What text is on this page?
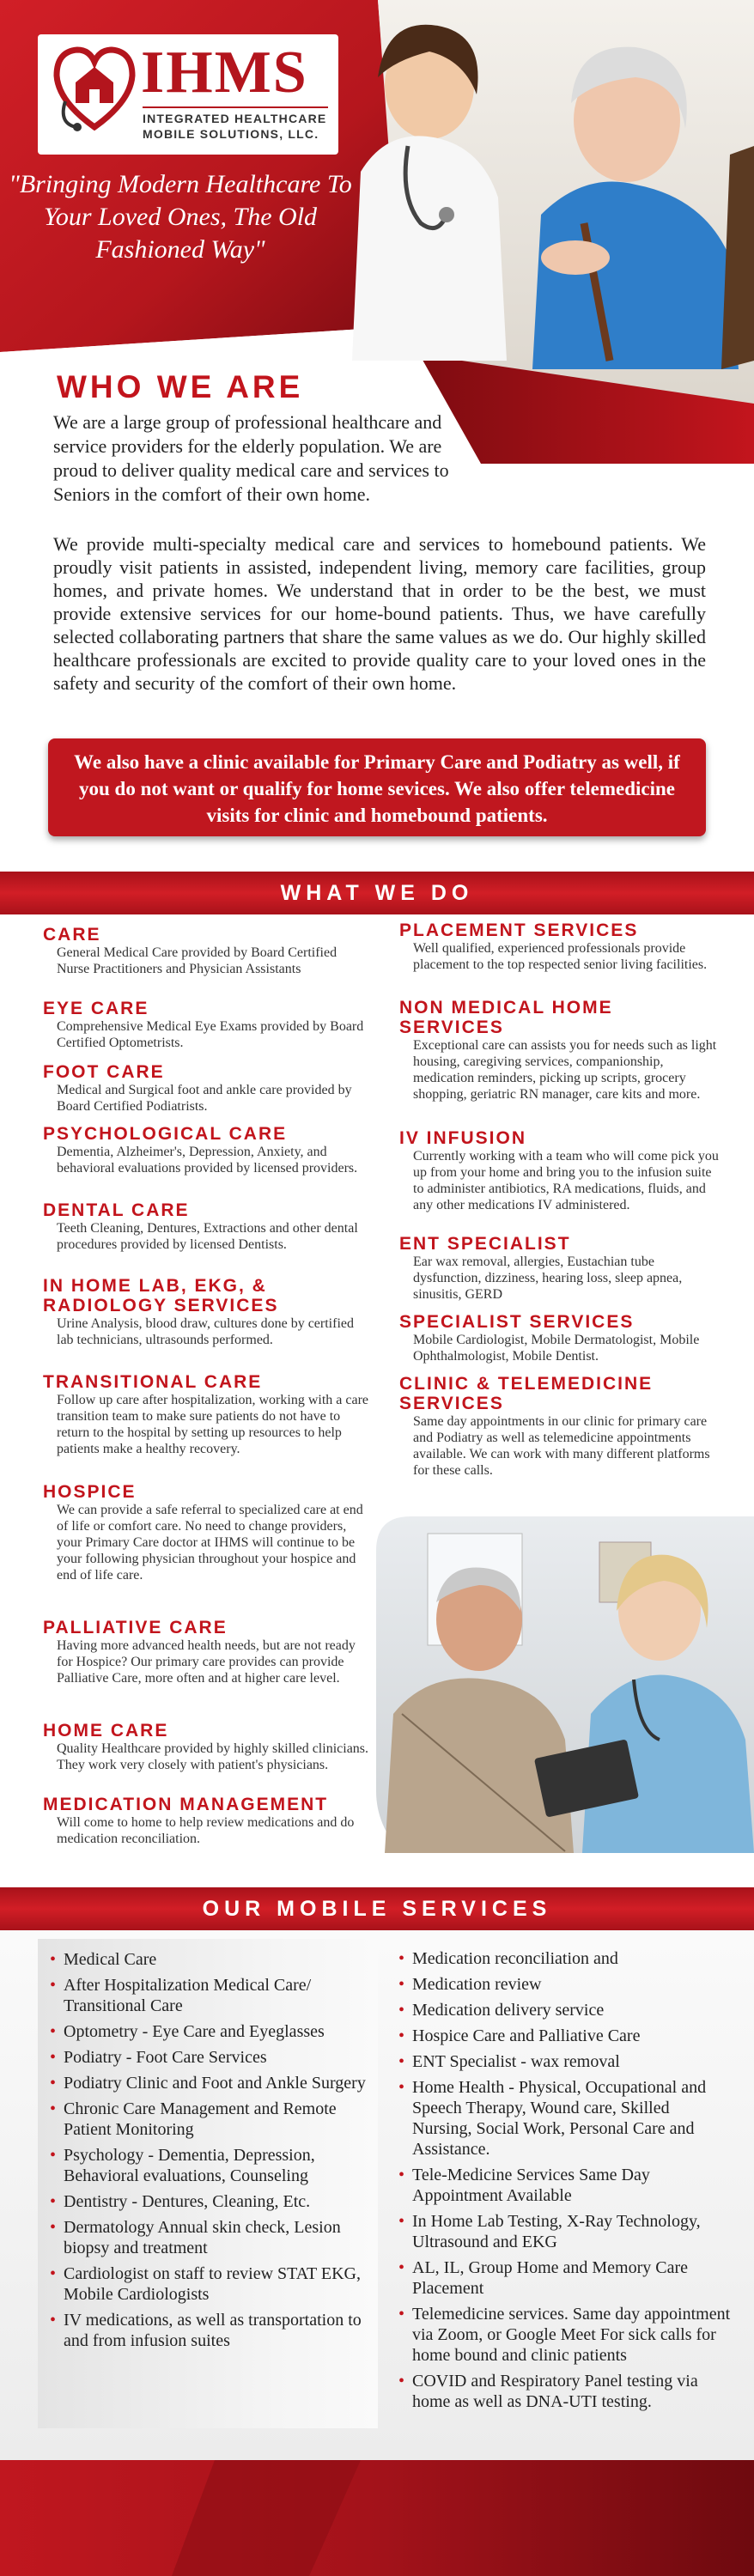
IHMS
INTEGRATED HEALTHCARE
MOBILE SOLUTIONS, LLC.
"Bringing Modern Healthcare To Your Loved Ones, The Old Fashioned Way"
WHO WE ARE
We are a large group of professional healthcare and service providers for the elderly population. We are proud to deliver quality medical care and services to Seniors in the comfort of their own home.
We provide multi-specialty medical care and services to homebound patients. We proudly visit patients in assisted, independent living, memory care facilities, group homes, and private homes. We understand that in order to be the best, we must provide extensive services for our home-bound patients. Thus, we have carefully selected collaborating partners that share the same values as we do. Our highly skilled healthcare professionals are excited to provide quality care to your loved ones in the safety and security of the comfort of their own home.
We also have a clinic available for Primary Care and Podiatry as well, if you do not want or qualify for home sevices. We also offer telemedicine visits for clinic and homebound patients.
WHAT WE DO
CARE
General Medical Care provided by Board Certified Nurse Practitioners and Physician Assistants
EYE CARE
Comprehensive Medical Eye Exams provided by Board Certified Optometrists.
FOOT CARE
Medical and Surgical foot and ankle care provided by Board Certified Podiatrists.
PSYCHOLOGICAL CARE
Dementia, Alzheimer's, Depression, Anxiety, and behavioral evaluations provided by licensed providers.
DENTAL CARE
Teeth Cleaning, Dentures, Extractions and other dental procedures provided by licensed Dentists.
IN HOME LAB, EKG, & RADIOLOGY SERVICES
Urine Analysis, blood draw, cultures done by certified lab technicians, ultrasounds performed.
TRANSITIONAL CARE
Follow up care after hospitalization, working with a care transition team to make sure patients do not have to return to the hospital by setting up resources to help patients make a healthy recovery.
HOSPICE
We can provide a safe referral to specialized care at end of life or comfort care. No need to change providers, your Primary Care doctor at IHMS will continue to be your following physician throughout your hospice and end of life care.
PALLIATIVE CARE
Having more advanced health needs, but are not ready for Hospice? Our primary care provides can provide Palliative Care, more often and at higher care level.
HOME CARE
Quality Healthcare provided by highly skilled clinicians. They work very closely with patient's physicians.
MEDICATION MANAGEMENT
Will come to home to help review medications and do medication reconciliation.
PLACEMENT SERVICES
Well qualified, experienced professionals provide placement to the top respected senior living facilities.
NON MEDICAL HOME SERVICES
Exceptional care can assists you for needs such as light housing, caregiving services, companionship, medication reminders, picking up scripts, grocery shopping, geriatric RN manager, care kits and more.
IV INFUSION
Currently working with a team who will come pick you up from your home and bring you to the infusion suite to administer antibiotics, RA medications, fluids, and any other medications IV administered.
ENT SPECIALIST
Ear wax removal, allergies, Eustachian tube dysfunction, dizziness, hearing loss, sleep apnea, sinusitis, GERD
SPECIALIST SERVICES
Mobile Cardiologist, Mobile Dermatologist, Mobile Ophthalmologist, Mobile Dentist.
CLINIC & TELEMEDICINE SERVICES
Same day appointments in our clinic for primary care and Podiatry as well as telemedicine appointments available. We can work with many different platforms for these calls.
OUR MOBILE SERVICES
• Medical Care
• After Hospitalization Medical Care/ Transitional Care
• Optometry - Eye Care and Eyeglasses
• Podiatry - Foot Care Services
• Podiatry Clinic and Foot and Ankle Surgery
• Chronic Care Management and Remote Patient Monitoring
• Psychology - Dementia, Depression, Behavioral evaluations, Counseling
• Dentistry - Dentures, Cleaning, Etc.
• Dermatology Annual skin check, Lesion biopsy and treatment
• Cardiologist on staff to review STAT EKG, Mobile Cardiologists
• IV medications, as well as transportation to and from infusion suites
• Medication reconciliation and
• Medication review
• Medication delivery service
• Hospice Care and Palliative Care
• ENT Specialist - wax removal
• Home Health - Physical, Occupational and Speech Therapy, Wound care, Skilled Nursing, Social Work, Personal Care and Assistance.
• Tele-Medicine Services Same Day Appointment Available
• In Home Lab Testing, X-Ray Technology, Ultrasound and EKG
• AL, IL, Group Home and Memory Care Placement
• Telemedicine services. Same day appointment via Zoom, or Google Meet For sick calls for home bound and clinic patients
• COVID and Respiratory Panel testing via home as well as DNA-UTI testing.
